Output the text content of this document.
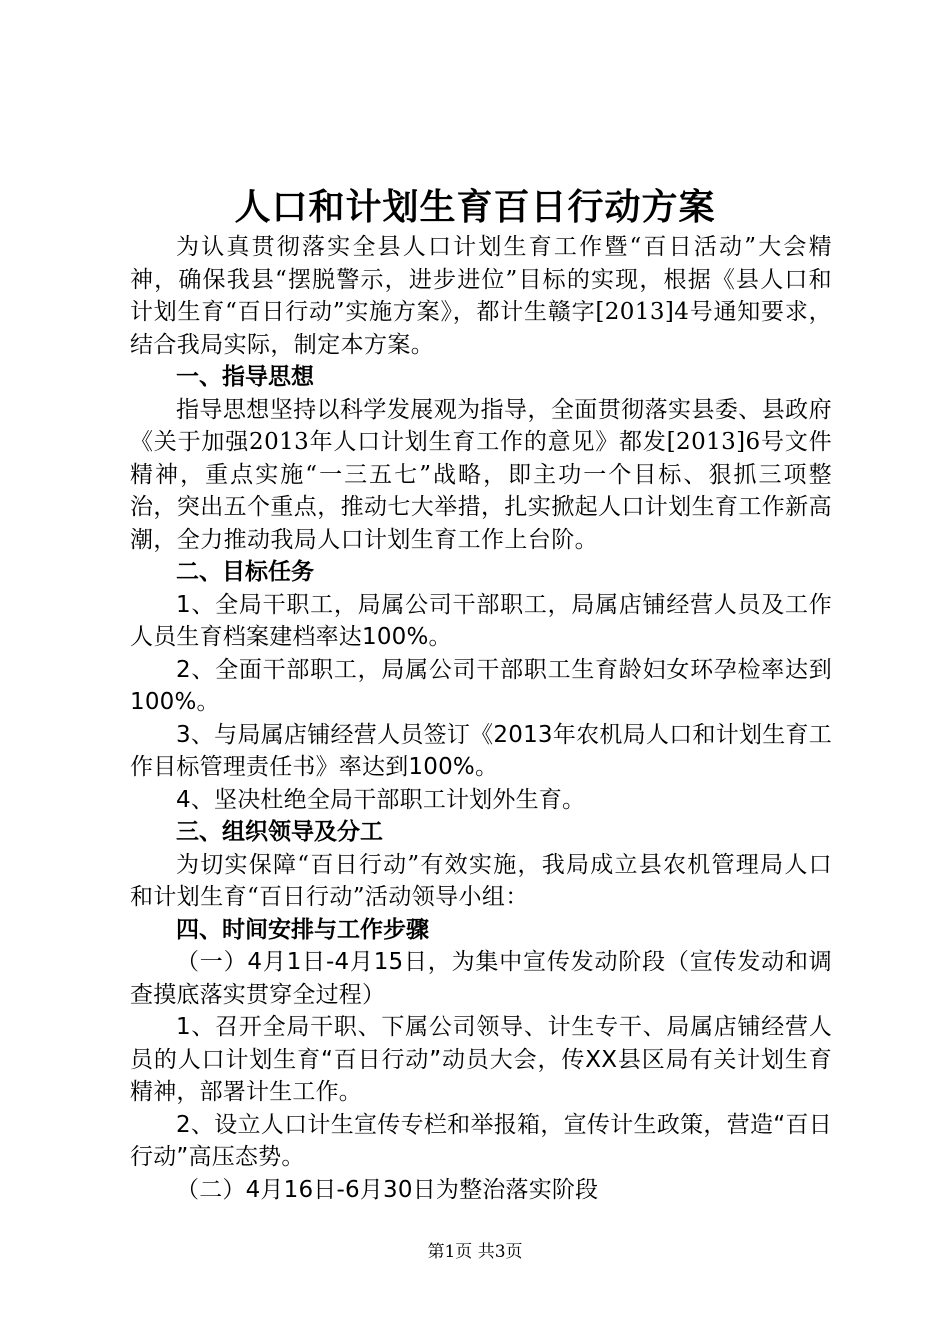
人口和计划生育百日行动方案

为认真贯彻落实全县人口计划生育工作暨“百日活动”大会精神，确保我县“摆脱警示，进步进位”目标的实现，根据《县人口和计划生育“百日行动”实施方案》，都计生赣字[2013]4号通知要求，结合我局实际，制定本方案。

一、指导思想

指导思想坚持以科学发展观为指导，全面贯彻落实县委、县政府《关于加强2013年人口计划生育工作的意见》都发[2013]6号文件精神，重点实施“一三五七”战略，即主功一个目标、狠抓三项整治，突出五个重点，推动七大举措，扎实掀起人口计划生育工作新高潮，全力推动我局人口计划生育工作上台阶。

二、目标任务

1、全局干职工，局属公司干部职工，局属店铺经营人员及工作人员生育档案建档率达100%。

2、全面干部职工，局属公司干部职工生育龄妇女环孕检率达到100%。

3、与局属店铺经营人员签订《2013年农机局人口和计划生育工作目标管理责任书》率达到100%。

4、坚决杜绝全局干部职工计划外生育。

三、组织领导及分工

为切实保障“百日行动”有效实施，我局成立县农机管理局人口和计划生育“百日行动”活动领导小组：

四、时间安排与工作步骤

（一）4月1日-4月15日，为集中宣传发动阶段（宣传发动和调查摸底落实贯穿全过程）

1、召开全局干职、下属公司领导、计生专干、局属店铺经营人员的人口计划生育“百日行动”动员大会，传XX县区局有关计划生育精神，部署计生工作。

2、设立人口计生宣传专栏和举报箱，宣传计生政策，营造“百日行动”高压态势。

（二）4月16日-6月30日为整治落实阶段

第1页 共3页
